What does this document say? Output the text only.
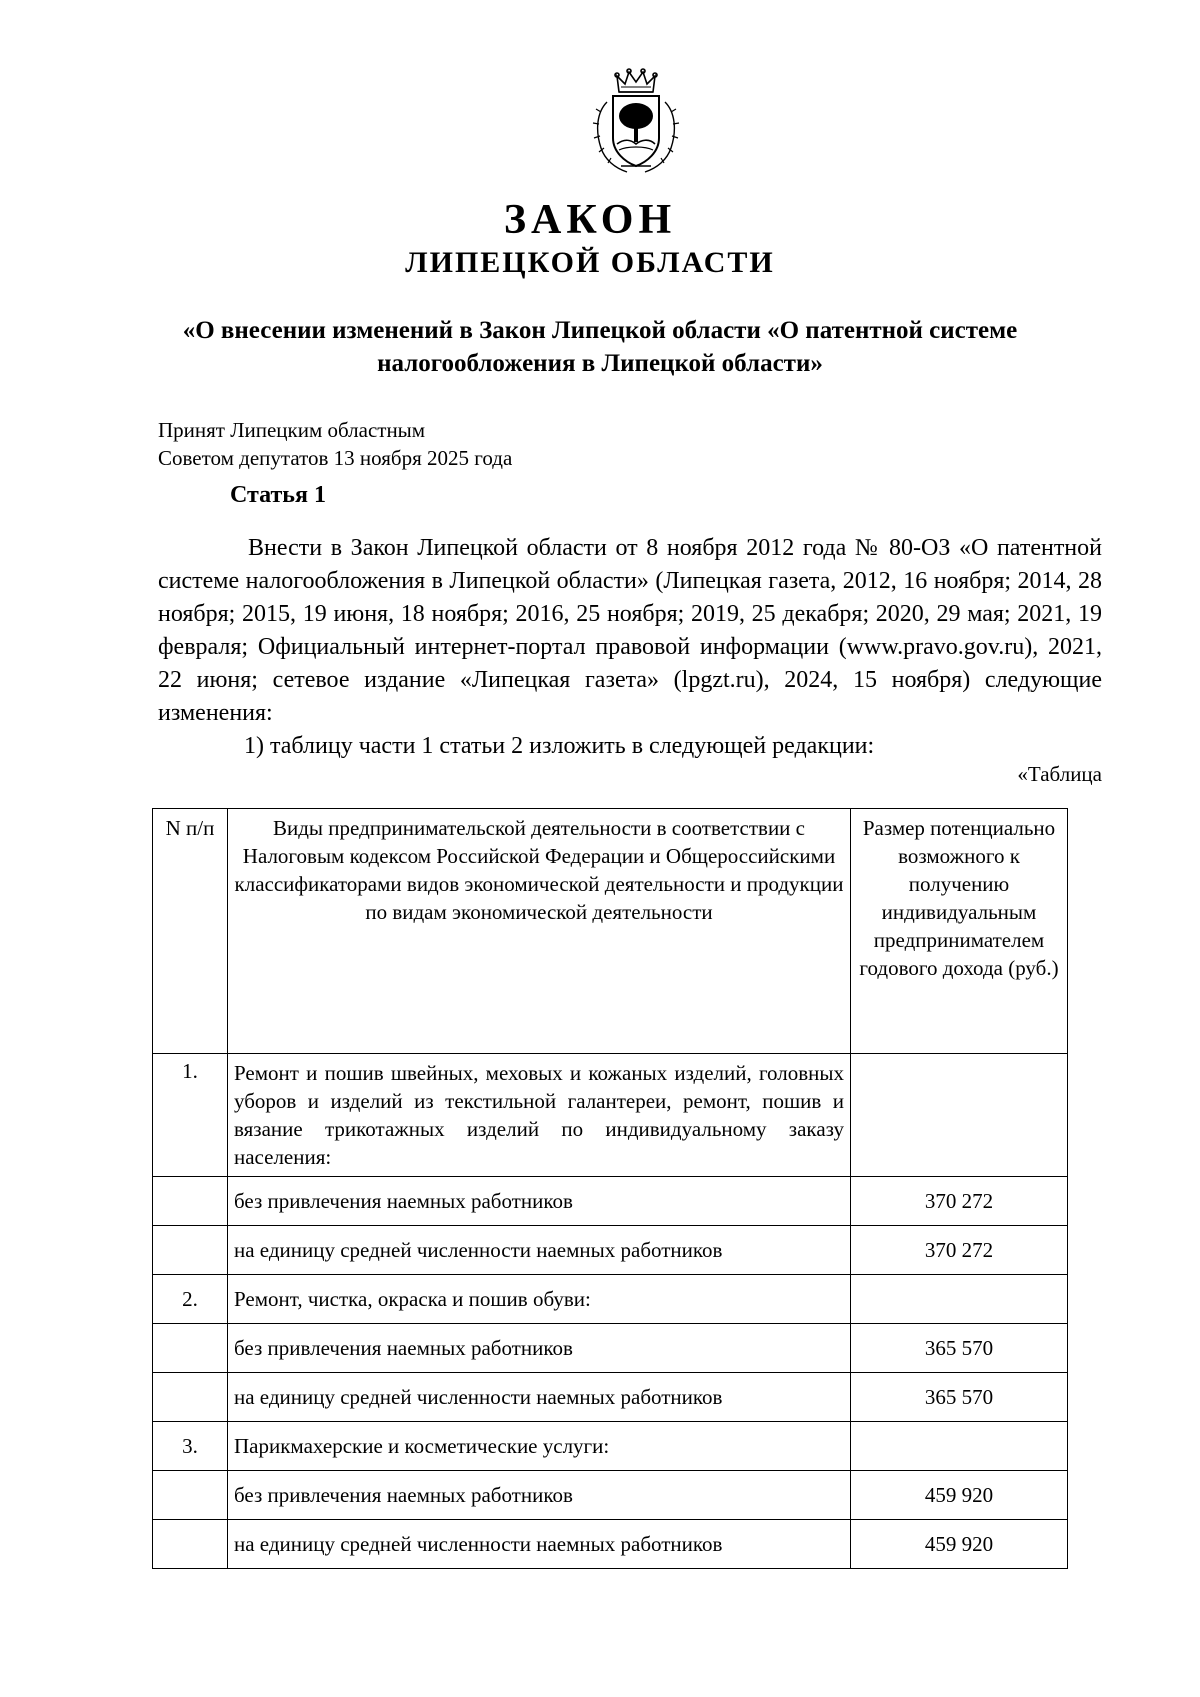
ЗАКОН
ЛИПЕЦКОЙ ОБЛАСТИ
«О внесении изменений в Закон Липецкой области «О патентной системе налогообложения в Липецкой области»
Принят Липецким областным
Советом депутатов 13 ноября 2025 года
Статья 1

Внести в Закон Липецкой области от 8 ноября 2012 года № 80-ОЗ «О патентной системе налогообложения в Липецкой области» (Липецкая газета, 2012, 16 ноября; 2014, 28 ноября; 2015, 19 июня, 18 ноября; 2016, 25 ноября; 2019, 25 декабря; 2020, 29 мая; 2021, 19 февраля; Официальный интернет-портал правовой информации (www.pravo.gov.ru), 2021, 22 июня; сетевое издание «Липецкая газета» (lpgzt.ru), 2024, 15 ноября) следующие изменения:

1) таблицу части 1 статьи 2 изложить в следующей редакции:

«Таблица
N п/п	Виды предпринимательской деятельности в соответствии с Налоговым кодексом Российской Федерации и Общероссийскими классификаторами видов экономической деятельности и продукции по видам экономической деятельности	Размер потенциально возможного к получению индивидуальным предпринимателем годового дохода (руб.)
1.	Ремонт и пошив швейных, меховых и кожаных изделий, головных уборов и изделий из текстильной галантереи, ремонт, пошив и вязание трикотажных изделий по индивидуальному заказу населения:	
	без привлечения наемных работников	370 272
	на единицу средней численности наемных работников	370 272
2.	Ремонт, чистка, окраска и пошив обуви:	
	без привлечения наемных работников	365 570
	на единицу средней численности наемных работников	365 570
3.	Парикмахерские и косметические услуги:	
	без привлечения наемных работников	459 920
	на единицу средней численности наемных работников	459 920
